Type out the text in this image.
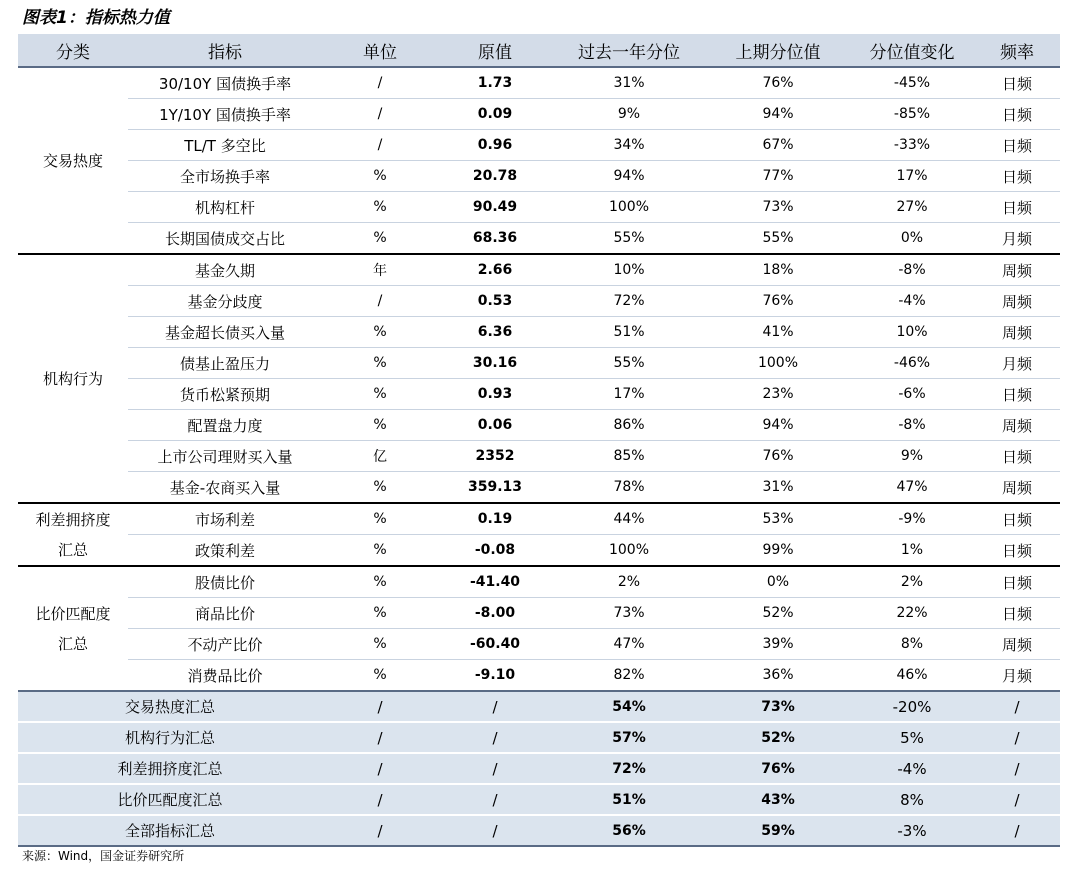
图表1：指标热力值
分类	指标	单位	原值	过去一年分位	上期分位值	分位值变化	频率

交易热度	30/10Y 国债换手率	/	1.73	31%	76%	-45%	日频
	1Y/10Y 国债换手率	/	0.09	9%	94%	-85%	日频
	TL/T 多空比	/	0.96	34%	67%	-33%	日频
	全市场换手率	%	20.78	94%	77%	17%	日频
	机构杠杆	%	90.49	100%	73%	27%	日频
	长期国债成交占比	%	68.36	55%	55%	0%	月频

机构行为	基金久期	年	2.66	10%	18%	-8%	周频
	基金分歧度	/	0.53	72%	76%	-4%	周频
	基金超长债买入量	%	6.36	51%	41%	10%	周频
	债基止盈压力	%	30.16	55%	100%	-46%	月频
	货币松紧预期	%	0.93	17%	23%	-6%	日频
	配置盘力度	%	0.06	86%	94%	-8%	周频
	上市公司理财买入量	亿	2352	85%	76%	9%	日频
	基金-农商买入量	%	359.13	78%	31%	47%	周频

利差拥挤度
汇总	市场利差	%	0.19	44%	53%	-9%	日频
	政策利差	%	-0.08	100%	99%	1%	日频

比价匹配度
汇总	股债比价	%	-41.40	2%	0%	2%	日频
	商品比价	%	-8.00	73%	52%	22%	日频
	不动产比价	%	-60.40	47%	39%	8%	周频
	消费品比价	%	-9.10	82%	36%	46%	月频
交易热度汇总		/	/	54%	73%	-20%	/
机构行为汇总		/	/	57%	52%	5%	/
利差拥挤度汇总		/	/	72%	76%	-4%	/
比价匹配度汇总		/	/	51%	43%	8%	/
全部指标汇总		/	/	56%	59%	-3%	/
来源：Wind，国金证券研究所
